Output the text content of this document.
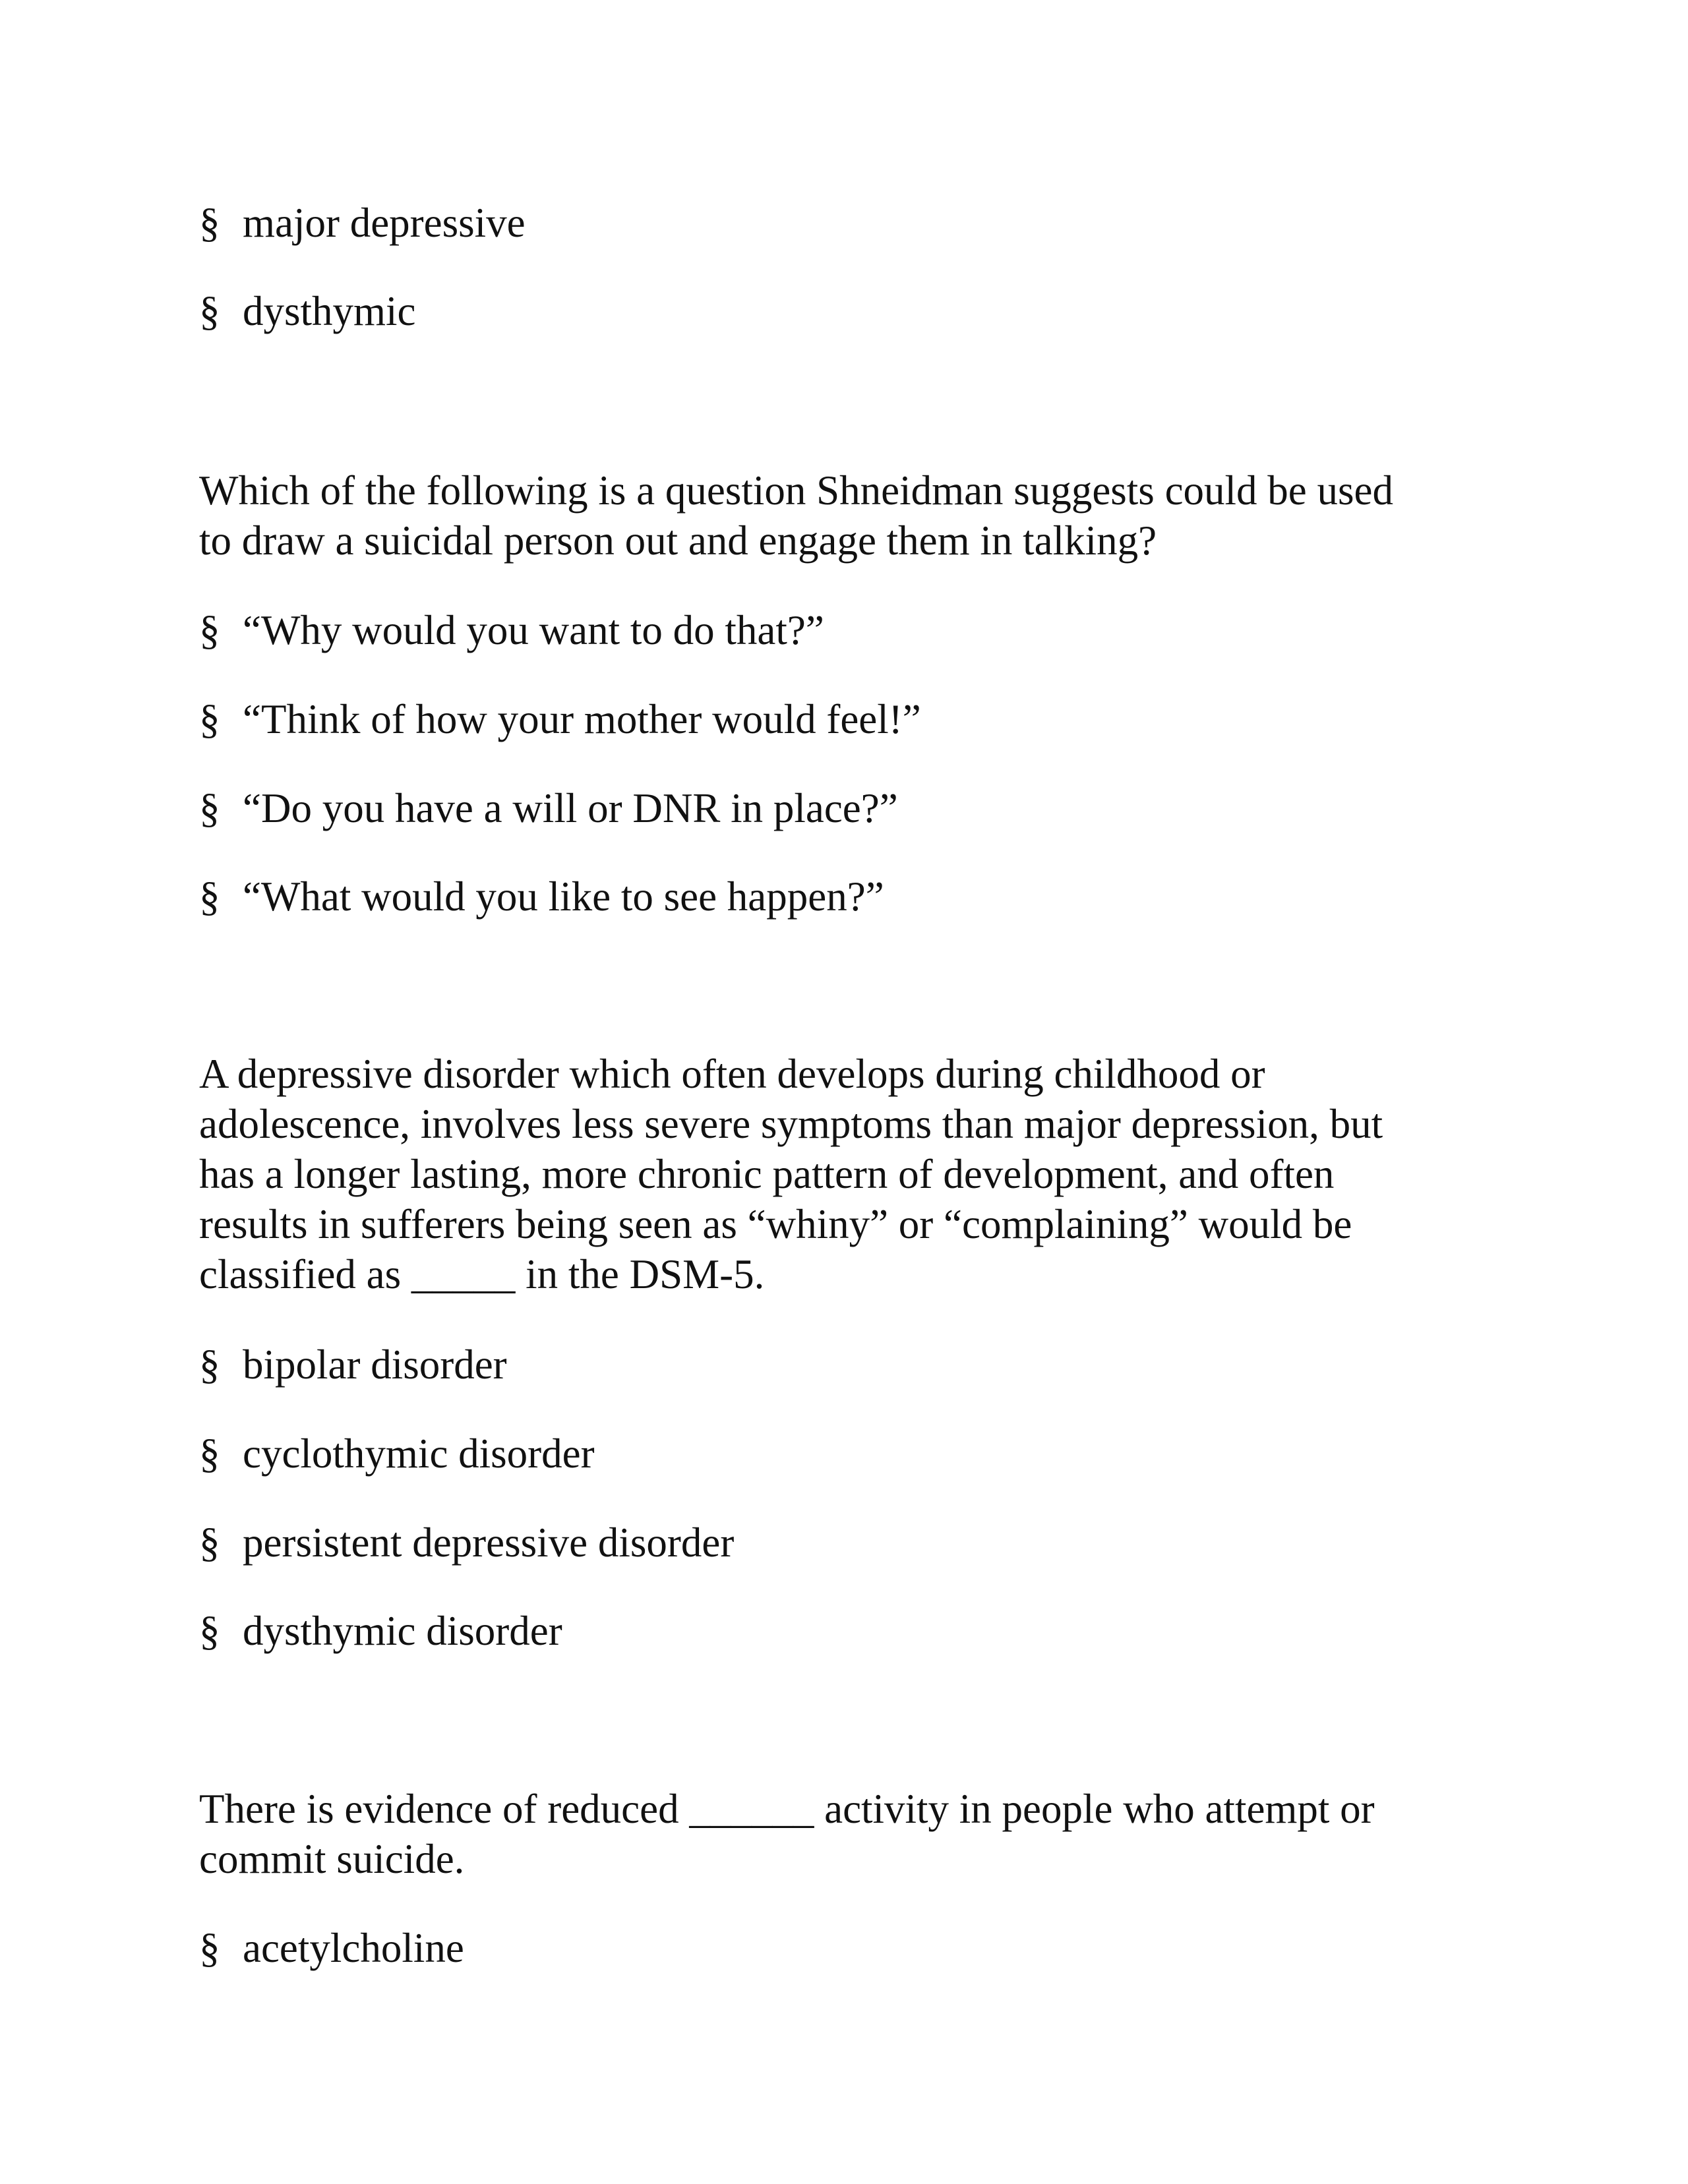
§ major depressive
§ dysthymic

Which of the following is a question Shneidman suggests could be used

to draw a suicidal person out and engage them in talking?

§ “Why would you want to do that?”
§ “Think of how your mother would feel!”
§ “Do you have a will or DNR in place?”
§ “What would you like to see happen?”

A depressive disorder which often develops during childhood or

adolescence, involves less severe symptoms than major depression, but

has a longer lasting, more chronic pattern of development, and often

results in sufferers being seen as “whiny” or “complaining” would be

classified as _____ in the DSM-5.

§ bipolar disorder
§ cyclothymic disorder
§ persistent depressive disorder
§ dysthymic disorder

There is evidence of reduced ______ activity in people who attempt or

commit suicide.

§ acetylcholine
